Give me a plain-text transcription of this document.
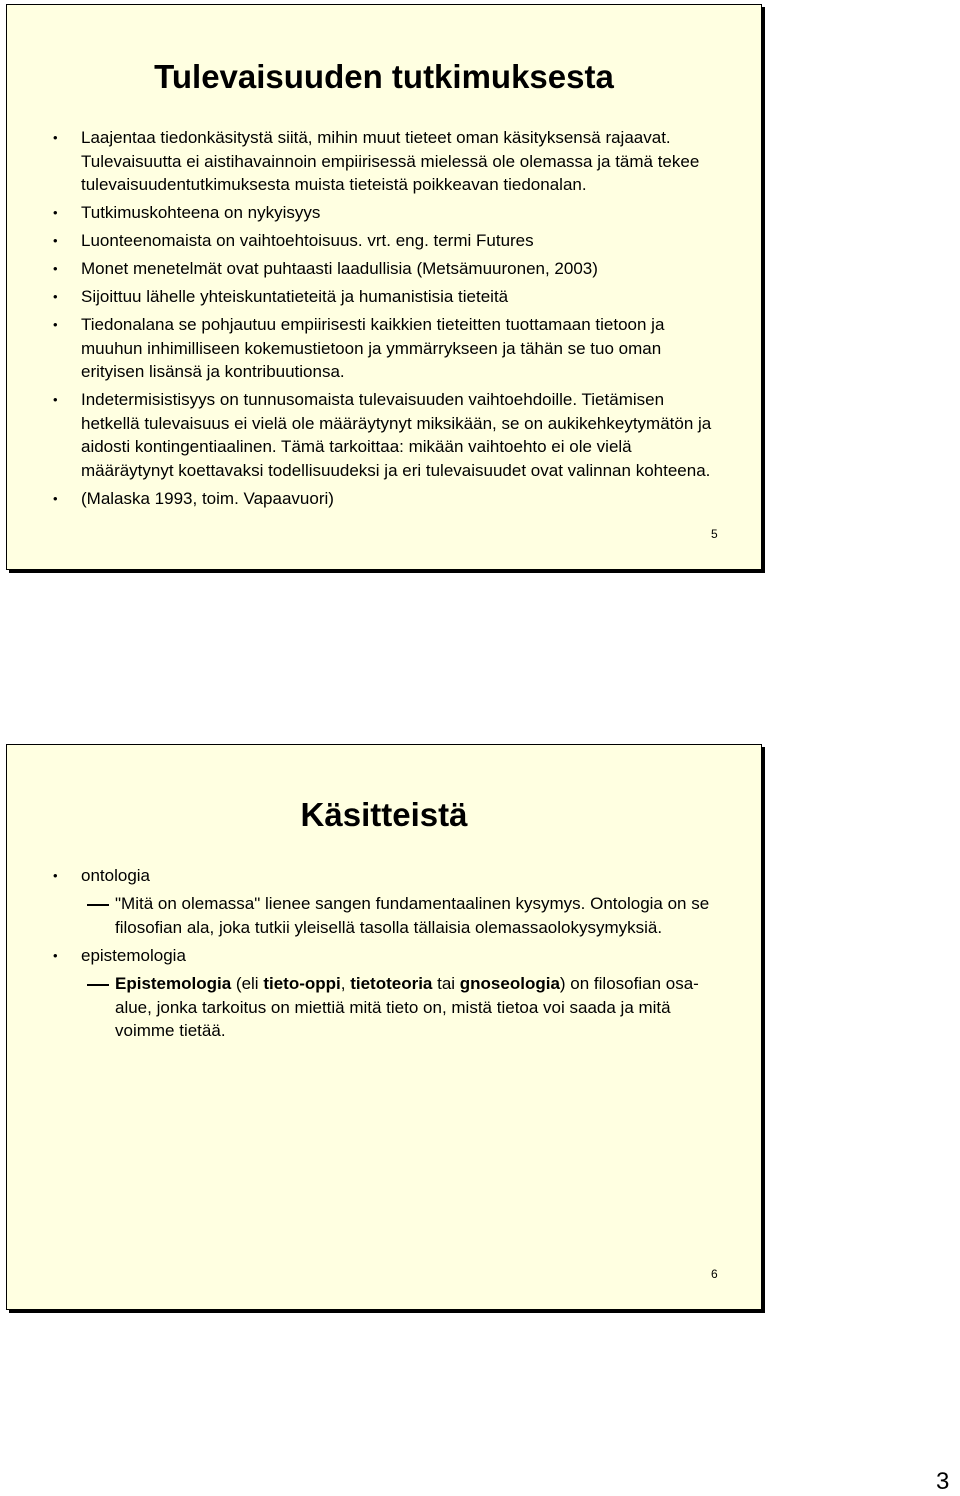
Tulevaisuuden tutkimuksesta
• Laajentaa tiedonkäsitystä siitä, mihin muut tieteet oman käsityksensä rajaavat. Tulevaisuutta ei aistihavainnoin empiirisessä mielessä ole olemassa ja tämä tekee tulevaisuudentutkimuksesta muista tieteistä poikkeavan tiedonalan.
• Tutkimuskohteena on nykyisyys
• Luonteenomaista on vaihtoehtoisuus. vrt. eng. termi Futures
• Monet menetelmät ovat puhtaasti laadullisia (Metsämuuronen, 2003)
• Sijoittuu lähelle yhteiskuntatieteitä ja humanistisia tieteitä
• Tiedonalana se pohjautuu empiirisesti kaikkien tieteitten tuottamaan tietoon ja muuhun inhimilliseen kokemustietoon ja ymmärrykseen ja tähän se tuo oman erityisen lisänsä ja kontribuutionsa.
• Indetermisistisyys on tunnusomaista tulevaisuuden vaihtoehdoille. Tietämisen hetkellä tulevaisuus ei vielä ole määräytynyt miksikään, se on aukikehkeytymätön ja aidosti kontingentiaalinen. Tämä tarkoittaa: mikään vaihtoehto ei ole vielä määräytynyt koettavaksi todellisuudeksi ja eri tulevaisuudet ovat valinnan kohteena.
• (Malaska 1993, toim. Vapaavuori)
5
Käsitteistä
• ontologia
"Mitä on olemassa" lienee sangen fundamentaalinen kysymys. Ontologia on se filosofian ala, joka tutkii yleisellä tasolla tällaisia olemassaolokysymyksiä.
• epistemologia
Epistemologia (eli tieto-oppi, tietoteoria tai gnoseologia) on filosofian osa-alue, jonka tarkoitus on miettiä mitä tieto on, mistä tietoa voi saada ja mitä voimme tietää.
6
3
